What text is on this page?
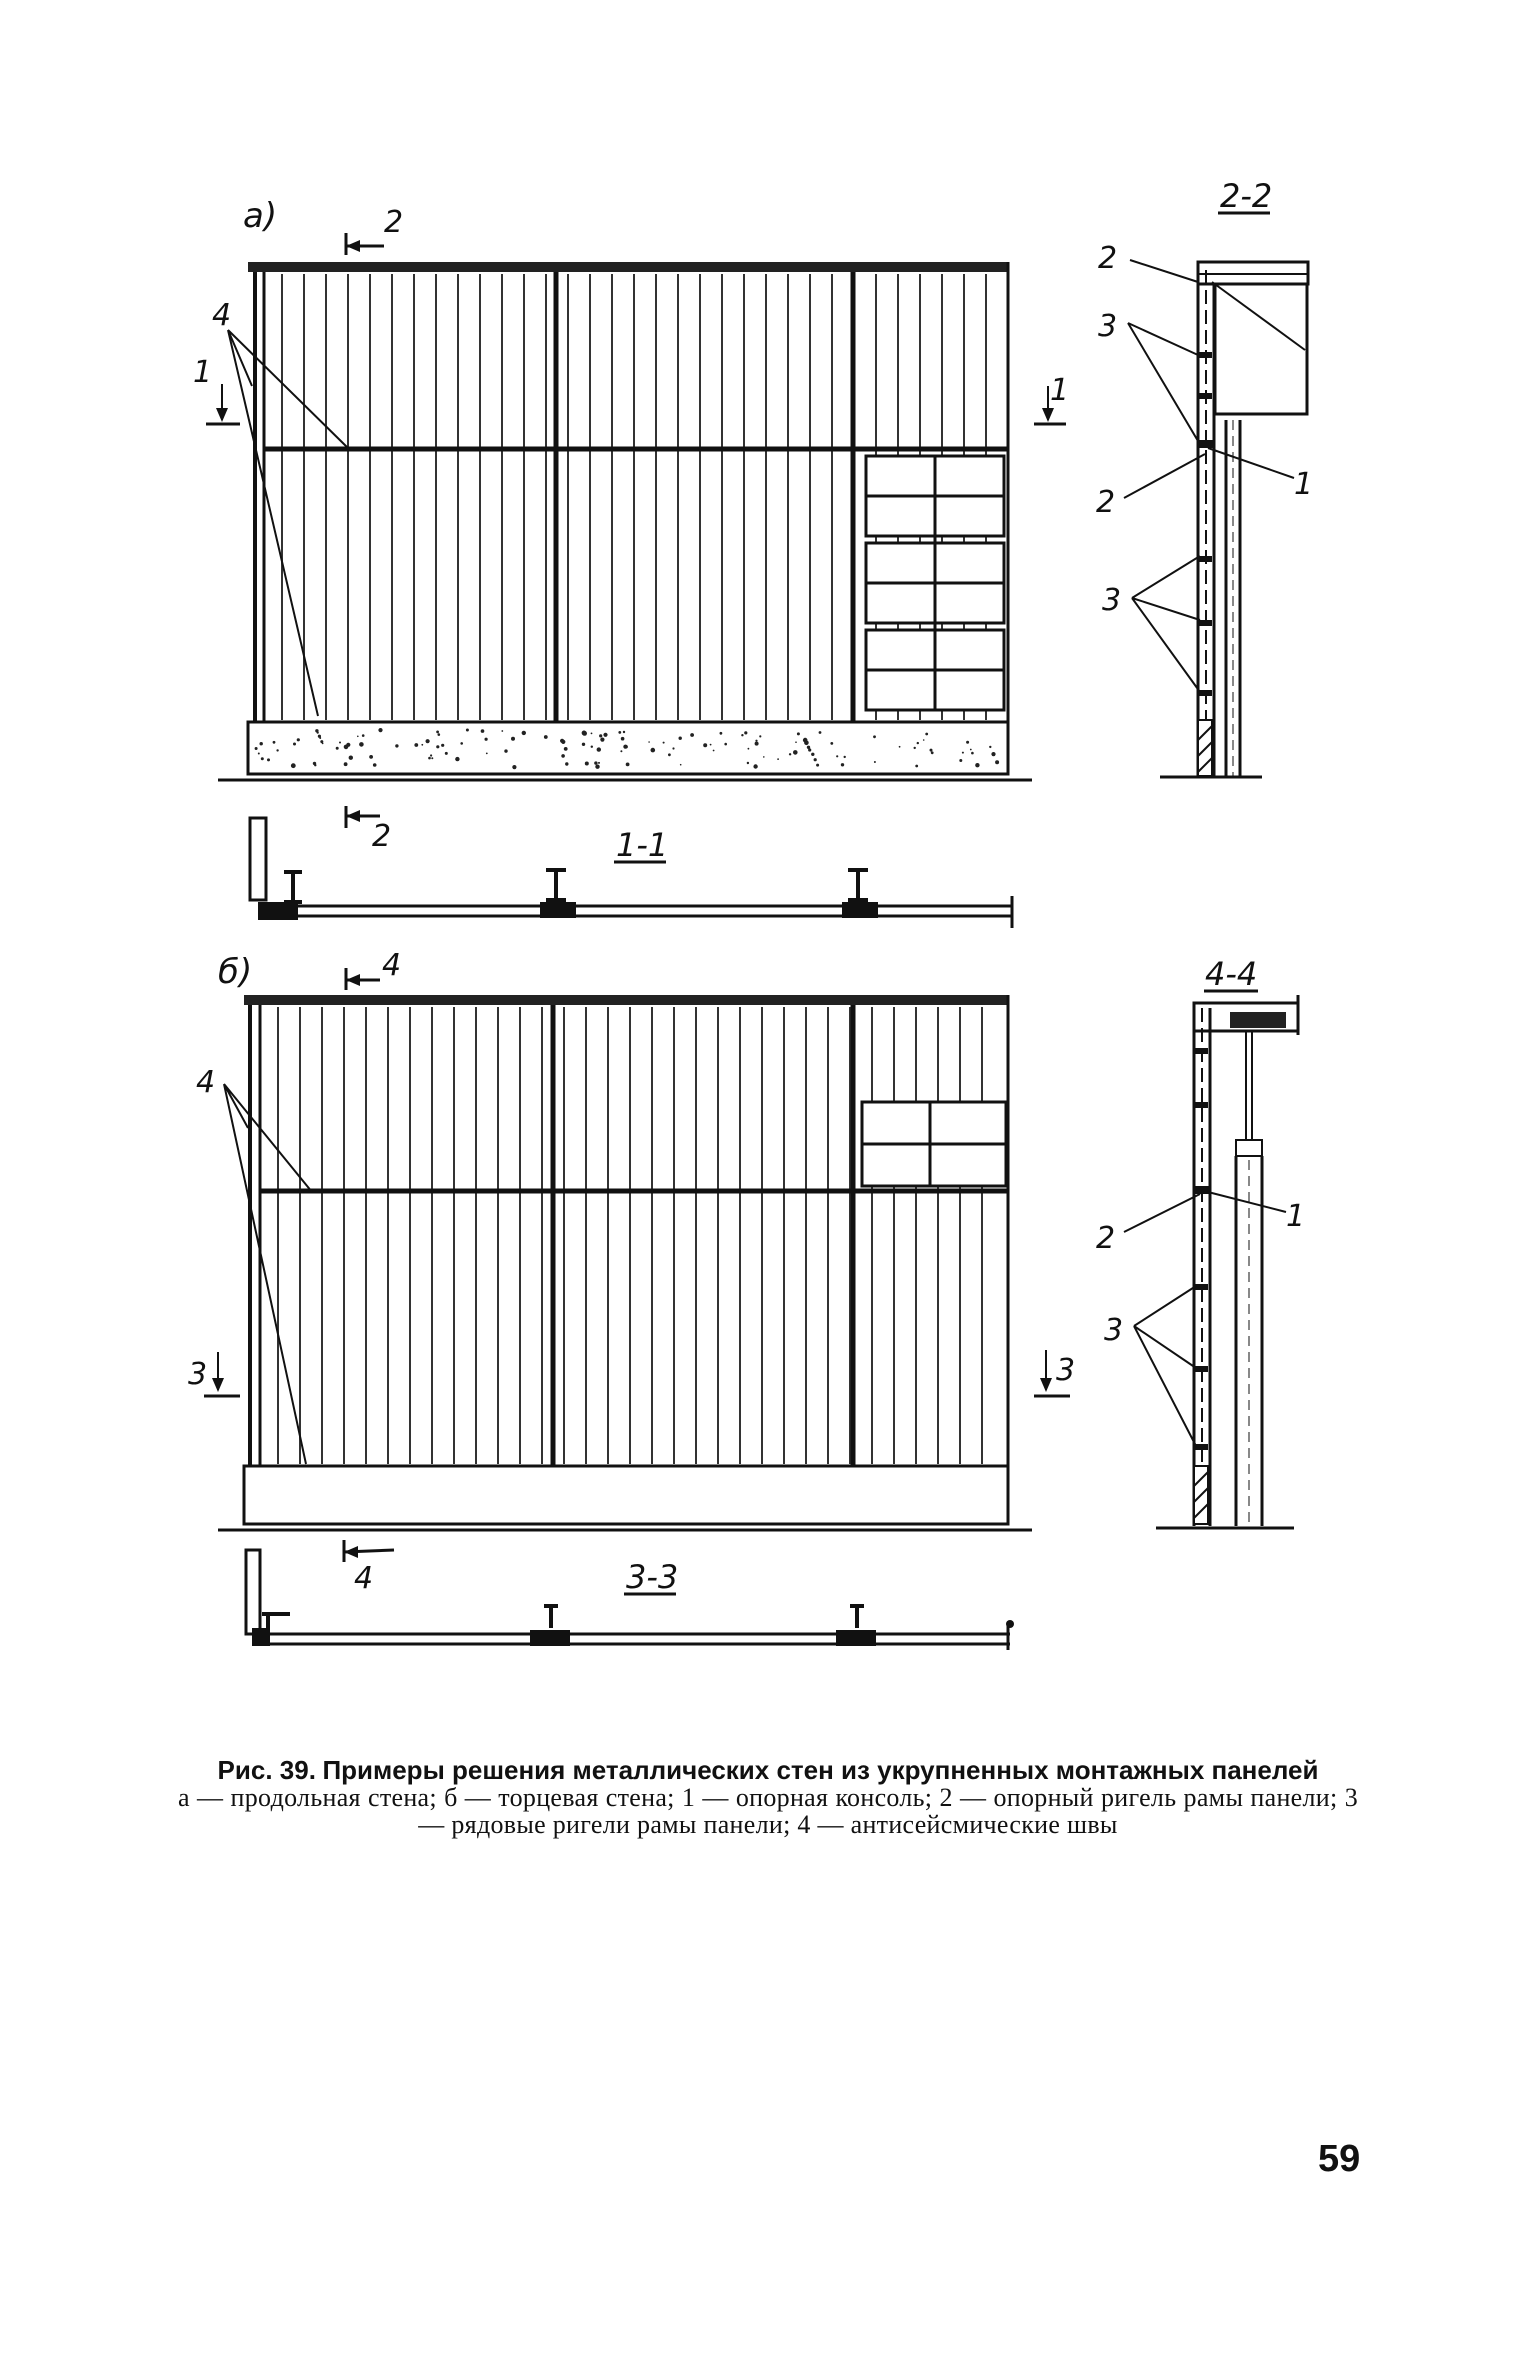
а)	2
1
1
4
2-2
2
3
2
1
3
1-1
2
б)	4
3	3
4
4-4
2
1
3
3-3
4
Рис. 39. Примеры решения металлических стен из укрупненных монтажных панелей
а — продольная стена; б — торцевая стена; 1 — опорная консоль; 2 — опорный ригель рамы панели; 3 — рядовые ригели рамы панели; 4 — антисейсмические швы
59
